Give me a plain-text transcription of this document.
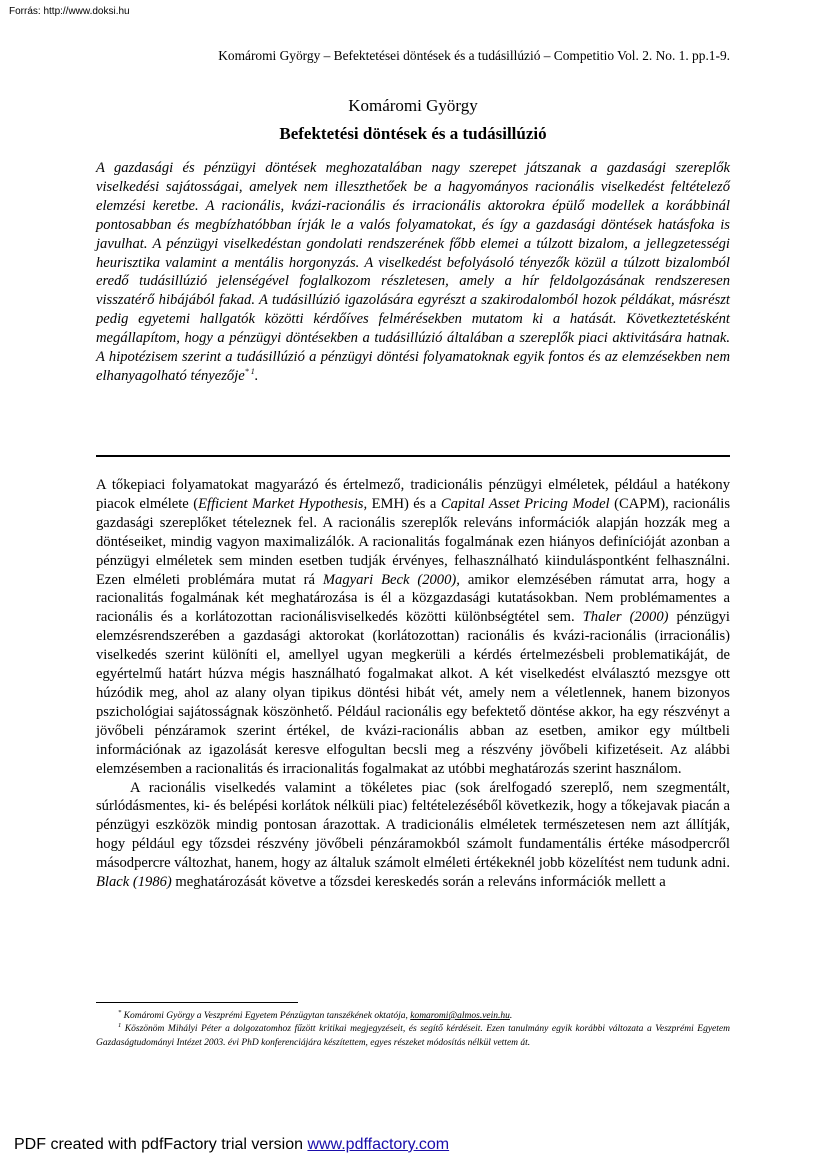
Forrás: http://www.doksi.hu
Komáromi György – Befektetései döntések és a tudásillúzió – Competitio Vol. 2. No. 1. pp.1-9.
Komáromi György
Befektetési döntések és a tudásillúzió
A gazdasági és pénzügyi döntések meghozatalában nagy szerepet játszanak a gazdasági szereplők viselkedési sajátosságai, amelyek nem illeszthetőek be a hagyományos racionális viselkedést feltételező elemzési keretbe. A racionális, kvázi-racionális és irracionális aktorokra épülő modellek a korábbinál pontosabban és megbízhatóbban írják le a valós folyamatokat, és így a gazdasági döntések hatásfoka is javulhat. A pénzügyi viselkedéstan gondolati rendszerének főbb elemei a túlzott bizalom, a jellegzetességi heurisztika valamint a mentális horgonyzás. A viselkedést befolyásoló tényezők közül a túlzott bizalomból eredő tudásillúzió jelenségével foglalkozom részletesen, amely a hír feldolgozásának rendszeresen visszatérő hibájából fakad. A tudásillúzió igazolására egyrészt a szakirodalomból hozok példákat, másrészt pedig egyetemi hallgatók közötti kérdőíves felmérésekben mutatom ki a hatását. Következtetésként megállapítom, hogy a pénzügyi döntésekben a tudásillúzió általában a szereplők piaci aktivitására hatnak. A hipotézisem szerint a tudásillúzió a pénzügyi döntési folyamatoknak egyik fontos és az elemzésekben nem elhanyagolható tényezője$^{* 1}$.

A tőkepiaci folyamatokat magyarázó és értelmező, tradicionális pénzügyi elméletek, például a hatékony piacok elmélete (Efficient Market Hypothesis, EMH) és a Capital Asset Pricing Model (CAPM), racionális gazdasági szereplőket tételeznek fel. A racionális szereplők releváns információk alapján hozzák meg a döntéseiket, mindig vagyon maximalizálók. A racionalitás fogalmának ezen hiányos definícióját azonban a pénzügyi elméletek sem minden esetben tudják érvényes, felhasználható kiinduláspontként felhasználni. Ezen elméleti problémára mutat rá Magyari Beck (2000), amikor elemzésében rámutat arra, hogy a racionalitás fogalmának két meghatározása is él a közgazdasági kutatásokban. Nem problémamentes a racionális és a korlátozottan racionálisviselkedés közötti különbségtétel sem. Thaler (2000) pénzügyi elemzésrendszerében a gazdasági aktorokat (korlátozottan) racionális és kvázi-racionális (irracionális) viselkedés szerint különíti el, amellyel ugyan megkerüli a kérdés értelmezésbeli problematikáját, de egyértelmű határt húzva mégis használható fogalmakat alkot. A két viselkedést elválasztó mezsgye ott húzódik meg, ahol az alany olyan tipikus döntési hibát vét, amely nem a véletlennek, hanem bizonyos pszichológiai sajátosságnak köszönhető. Például racionális egy befektető döntése akkor, ha egy részvényt a jövőbeli pénzáramok szerint értékel, de kvázi-racionális abban az esetben, amikor egy múltbeli információnak az igazolását keresve elfogultan becsli meg a részvény jövőbeli kifizetéseit. Az alábbi elemzésemben a racionalitás és irracionalitás fogalmakat az utóbbi meghatározás szerint használom.

A racionális viselkedés valamint a tökéletes piac (sok árelfogadó szereplő, nem szegmentált, súrlódásmentes, ki- és belépési korlátok nélküli piac) feltételezéséből következik, hogy a tőkejavak piacán a pénzügyi eszközök mindig pontosan árazottak. A tradicionális elméletek természetesen nem azt állítják, hogy például egy tőzsdei részvény jövőbeli pénzáramokból számolt fundamentális értéke másodpercről másodpercre változhat, hanem, hogy az általuk számolt elméleti értékeknél jobb közelítést nem tudunk adni. Black (1986) meghatározását követve a tőzsdei kereskedés során a releváns információk mellett a

* Komáromi György a Veszprémi Egyetem Pénzügytan tanszékének oktatója, komaromi@almos.vein.hu.

$^1$ Köszönöm Mihályi Péter a dolgozatomhoz fűzött kritikai megjegyzéseit, és segítő kérdéseit. Ezen tanulmány egyik korábbi változata a Veszprémi Egyetem Gazdaságtudományi Intézet 2003. évi PhD konferenciájára készítettem, egyes részeket módosítás nélkül vettem át.

PDF created with pdfFactory trial version www.pdffactory.com
